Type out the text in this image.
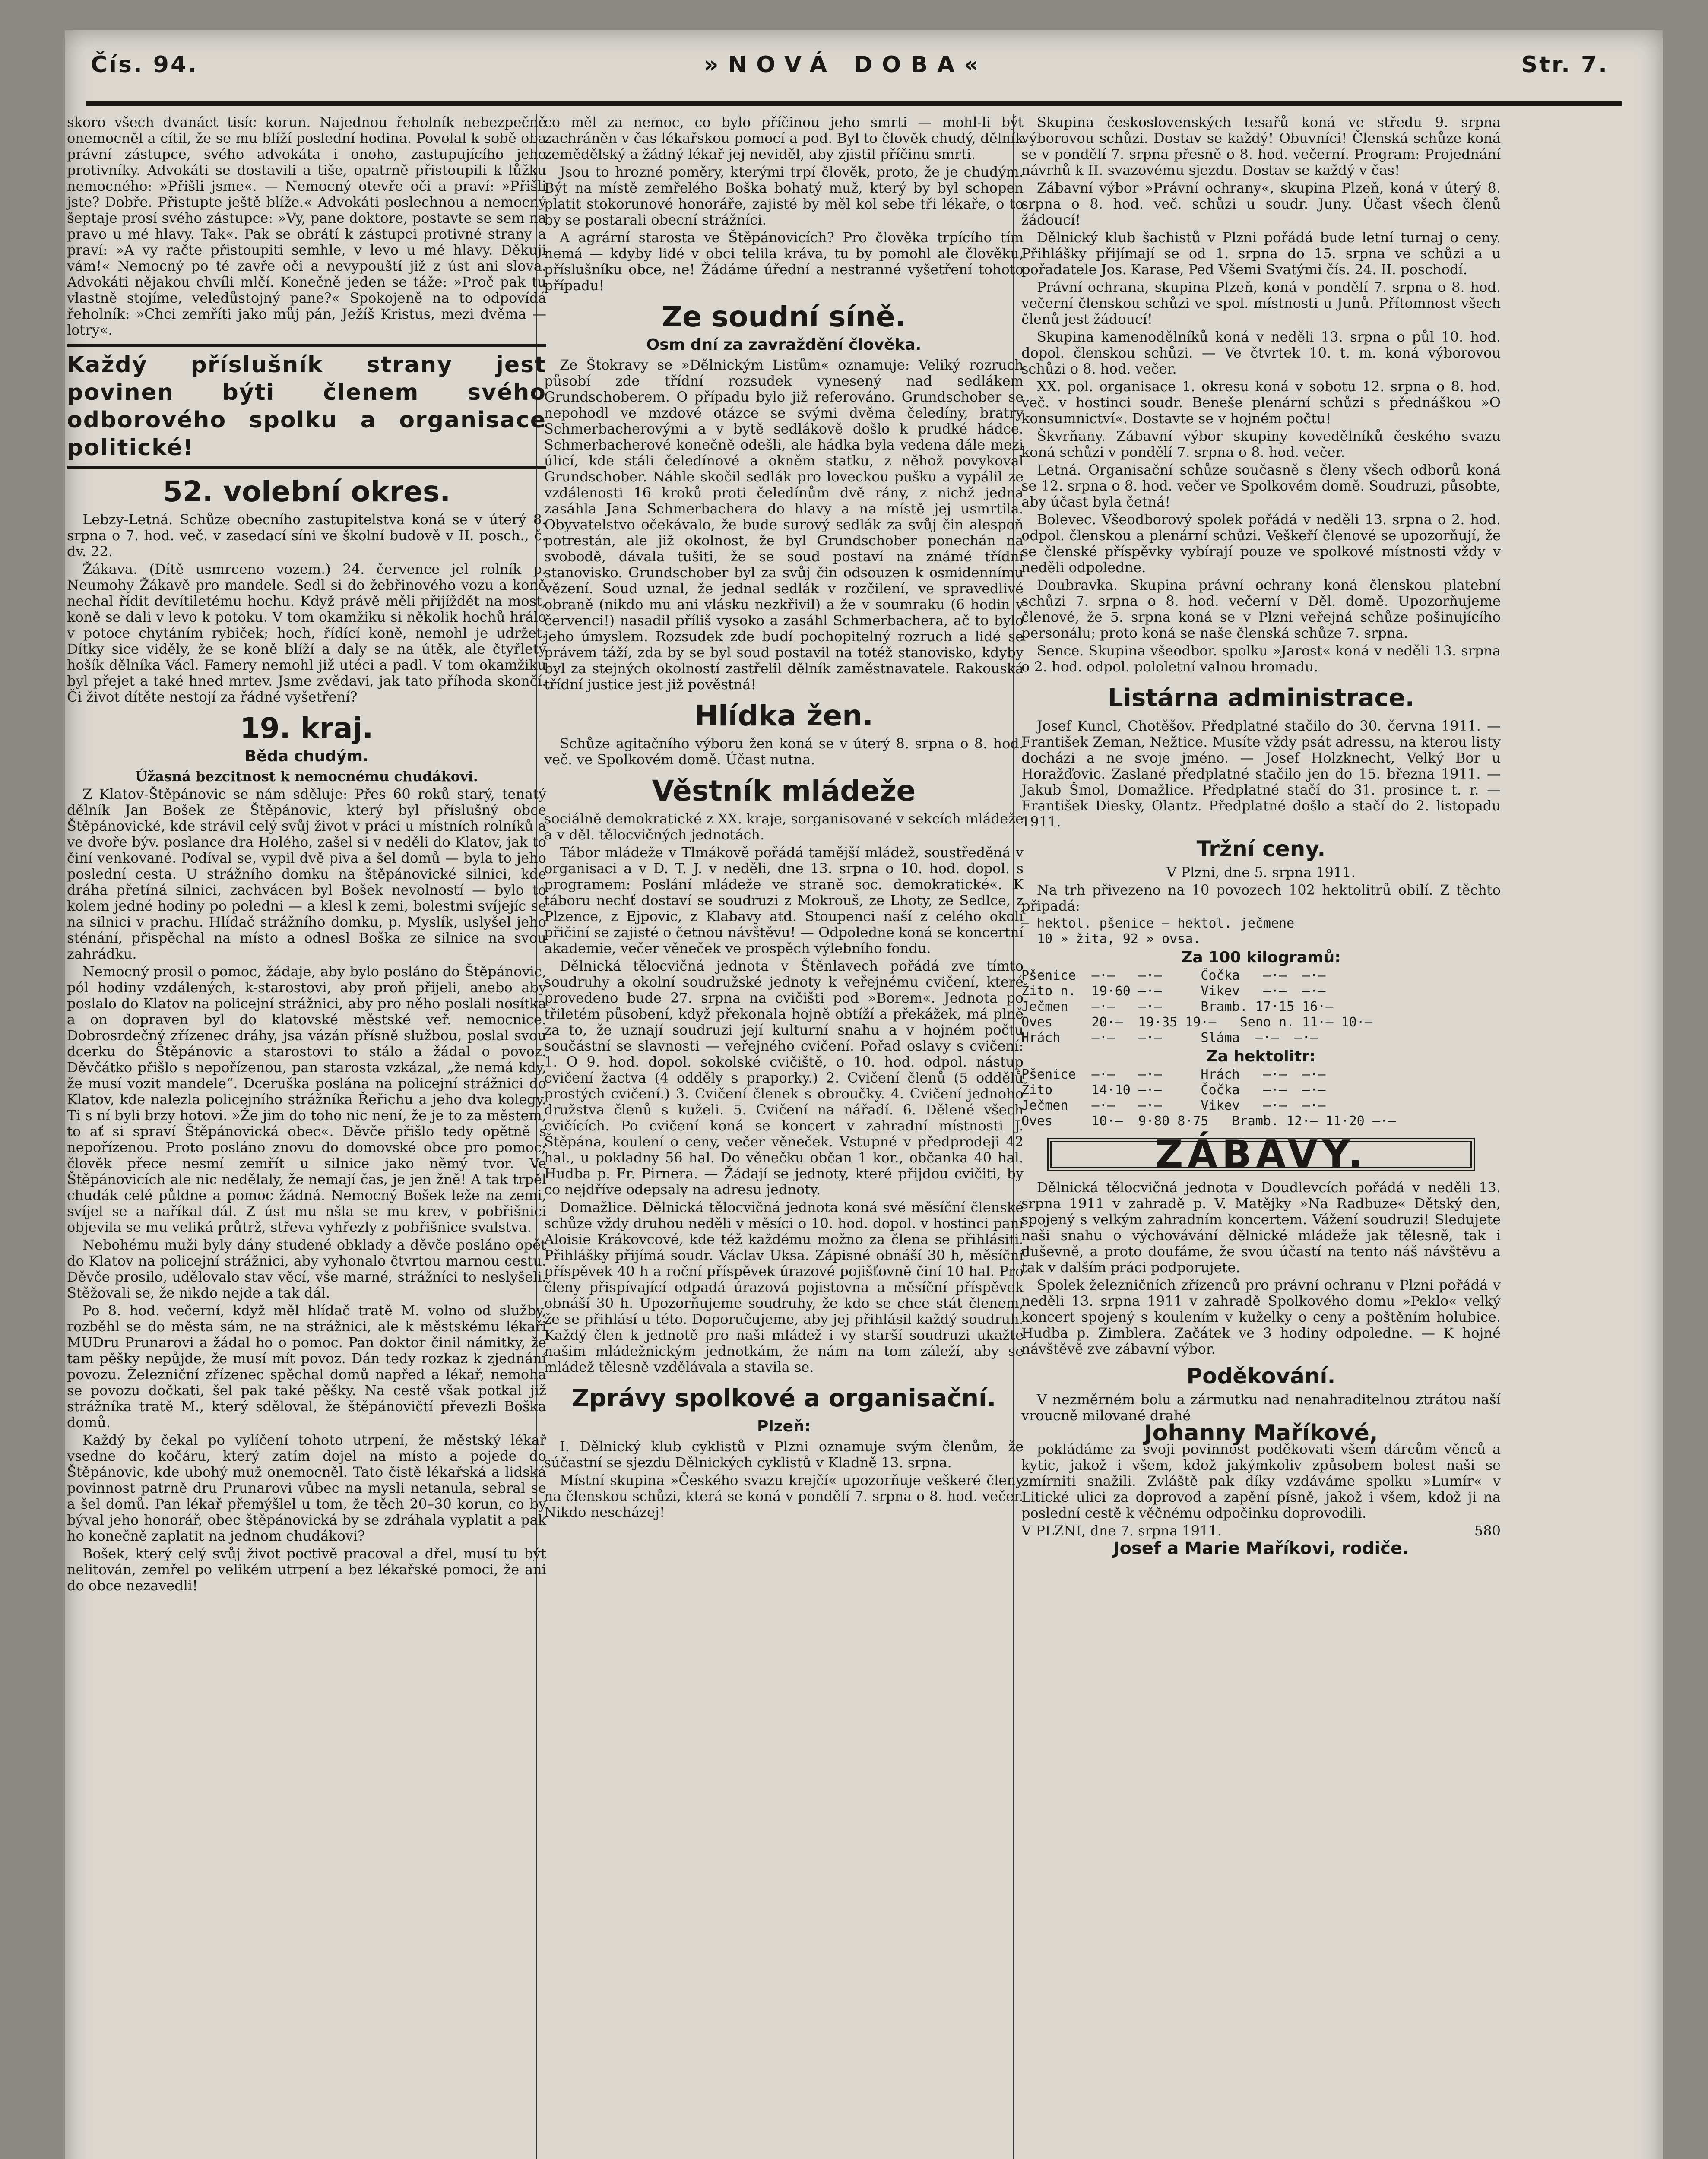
Čís. 94.	»NOVÁ DOBA«	Str. 7.

skoro všech dvanáct tisíc korun. Najednou řeholník nebezpečně onemocněl a cítil, že se mu blíží poslední hodina. Povolal k sobě oba právní zástupce, svého advokáta i onoho, zastupujícího jeho protivníky. Advokáti se dostavili a tiše, opatrně přistoupili k lůžku nemocného: »Přišli jsme«. — Nemocný otevře oči a praví: »Přišli jste? Dobře. Přistupte ještě blíže.« Advokáti poslechnou a nemocný šeptaje prosí svého zástupce: »Vy, pane doktore, postavte se sem na pravo u mé hlavy. Tak«. Pak se obrátí k zástupci protivné strany a praví: »A vy račte přistoupiti semhle, v levo u mé hlavy. Děkuji vám!« Nemocný po té zavře oči a nevypouští již z úst ani slova. Advokáti nějakou chvíli mlčí. Konečně jeden se táže: »Proč pak tu vlastně stojíme, veledůstojný pane?« Spokojeně na to odpovídá řeholník: »Chci zemříti jako můj pán, Ježíš Kristus, mezi dvěma — lotry«.

Každý příslušník strany jest povinen býti členem svého odborového spolku a organisace politické!
52. volební okres.

Lebzy-Letná. Schůze obecního zastupitelstva koná se v úterý 8. srpna o 7. hod. več. v zasedací síni ve školní budově v II. posch., č. dv. 22.

Žákava. (Dítě usmrceno vozem.) 24. července jel rolník p. Neumohy Žákavě pro mandele. Sedl si do žebřinového vozu a koně nechal řídit devítiletému hochu. Když právě měli přijíždět na most, koně se dali v levo k potoku. V tom okamžiku si několik hochů hrálo v potoce chytáním rybiček; hoch, řídící koně, nemohl je udržet. Dítky sice viděly, že se koně blíží a daly se na útěk, ale čtyřletý hošík dělníka Václ. Famery nemohl již utéci a padl. V tom okamžiku byl přejet a také hned mrtev. Jsme zvědavi, jak tato příhoda skončí. Či život dítěte nestojí za řádné vyšetření?

19. kraj.
Běda chudým.

Úžasná bezcitnost k nemocnému chudákovi.

Z Klatov-Štěpánovic se nám sděluje: Přes 60 roků starý, tenatý dělník Jan Bošek ze Štěpánovic, který byl příslušný obce Štěpánovické, kde strávil celý svůj život v práci u místních rolníků a ve dvoře býv. poslance dra Holého, zašel si v neděli do Klatov, jak to činí venkované. Podíval se, vypil dvě piva a šel domů — byla to jeho poslední cesta. U strážního domku na štěpánovické silnici, kde dráha přetíná silnici, zachvácen byl Bošek nevolností — bylo to kolem jedné hodiny po poledni — a klesl k zemi, bolestmi svíjejíc se na silnici v prachu. Hlídač strážního domku, p. Myslík, uslyšel jeho sténání, přispěchal na místo a odnesl Boška ze silnice na svou zahrádku.

Nemocný prosil o pomoc, žádaje, aby bylo posláno do Štěpánovic, pól hodiny vzdálených, k-starostovi, aby proň přijeli, anebo aby poslalo do Klatov na policejní strážnici, aby pro něho poslali nosítka a on dopraven byl do klatovské městské veř. nemocnice. Dobrosrdečný zřízenec dráhy, jsa vázán přísně službou, poslal svou dcerku do Štěpánovic a starostovi to stálo a žádal o povoz. Děvčátko přišlo s nepořízenou, pan starosta vzkázal, „že nemá kdy, že musí vozit mandele“. Dceruška poslána na policejní strážnici do Klatov, kde nalezla policejního strážníka Řeřichu a jeho dva kolegy. Ti s ní byli brzy hotovi. »Že jim do toho nic není, že je to za městem, to ať si spraví Štěpánovická obec«. Děvče přišlo tedy opětně s nepořízenou. Proto posláno znovu do domovské obce pro pomoc; člověk přece nesmí zemřít u silnice jako němý tvor. Ve Štěpánovicích ale nic nedělaly, že nemají čas, je jen žně! A tak trpěl chudák celé půldne a pomoc žádná. Nemocný Bošek leže na zemi, svíjel se a naříkal dál. Z úst mu nšla se mu krev, v pobřišnici objevila se mu veliká průtrž, střeva vyhřezly z pobřišnice svalstva.

Nebohému muži byly dány studené obklady a děvče posláno opět do Klatov na policejní strážnici, aby vyhonalo čtvrtou marnou cestu. Děvče prosilo, udělovalo stav věcí, vše marné, strážníci to neslyšeli. Stěžovali se, že nikdo nejde a tak dál.

Po 8. hod. večerní, když měl hlídač tratě M. volno od služby, rozběhl se do města sám, ne na strážnici, ale k městskému lékaři MUDru Prunarovi a žádal ho o pomoc. Pan doktor činil námitky, že tam pěšky nepůjde, že musí mít povoz. Dán tedy rozkaz k zjednání povozu. Železniční zřízenec spěchal domů napřed a lékař, nemoha se povozu dočkati, šel pak také pěšky. Na cestě však potkal již strážníka tratě M., který sděloval, že štěpánovičtí převezli Boška domů.

Každý by čekal po vylíčení tohoto utrpení, že městský lékař vsedne do kočáru, který zatím dojel na místo a pojede do Štěpánovic, kde ubohý muž onemocněl. Tato čistě lékařská a lidská povinnost patrně dru Prunarovi vůbec na mysli netanula, sebral se a šel domů. Pan lékař přemýšlel u tom, že těch 20–30 korun, co by býval jeho honorář, obec štěpánovická by se zdráhala vyplatit a pak ho konečně zaplatit na jednom chudákovi?

Bošek, který celý svůj život poctivě pracoval a dřel, musí tu být nelitován, zemřel po velikém utrpení a bez lékařské pomoci, že ani do obce nezavedli!

co měl za nemoc, co bylo příčinou jeho smrti — mohl-li být zachráněn v čas lékařskou pomocí a pod. Byl to člověk chudý, dělník zemědělský a žádný lékař jej neviděl, aby zjistil příčinu smrti.

Jsou to hrozné poměry, kterými trpí člověk, proto, že je chudým. Být na místě zemřelého Boška bohatý muž, který by byl schopen platit stokorunové honoráře, zajisté by měl kol sebe tři lékaře, o to by se postarali obecní strážníci.

A agrární starosta ve Štěpánovicích? Pro člověka trpícího tím nemá — kdyby lidé v obci telila kráva, tu by pomohl ale člověku, příslušníku obce, ne! Žádáme úřední a nestranné vyšetření tohoto případu!

Ze soudní síně.
Osm dní za zavraždění člověka.

Ze Štokravy se »Dělnickým Listům« oznamuje: Veliký rozruch působí zde třídní rozsudek vynesený nad sedlákem Grundschoberem. O případu bylo již referováno. Grundschober se nepohodl ve mzdové otázce se svými dvěma čeledíny, bratry Schmerbacherovými a v bytě sedlákově došlo k prudké hádce. Schmerbacherové konečně odešli, ale hádka byla vedena dále mezi úlicí, kde stáli čeledínové a okněm statku, z něhož povykoval Grundschober. Náhle skočil sedlák pro loveckou pušku a vypálil ze vzdálenosti 16 kroků proti čeledínům dvě rány, z nichž jedna zasáhla Jana Schmerbachera do hlavy a na místě jej usmrtila. Obyvatelstvo očekávalo, že bude surový sedlák za svůj čin alespoň potrestán, ale již okolnost, že byl Grundschober ponechán na svobodě, dávala tušiti, že se soud postaví na známé třídní stanovisko. Grundschober byl za svůj čin odsouzen k osmidennímu vězení. Soud uznal, že jednal sedlák v rozčilení, ve spravedlivé obraně (nikdo mu ani vlásku nezkřivil) a že v soumraku (6 hodin v červenci!) nasadil příliš vysoko a zasáhl Schmerbachera, ač to bylo jeho úmyslem. Rozsudek zde budí pochopitelný rozruch a lidé se právem táží, zda by se byl soud postavil na totéž stanovisko, kdyby byl za stejných okolností zastřelil dělník zaměstnavatele. Rakouská třídní justice jest již pověstná!

Hlídka žen.

Schůze agitačního výboru žen koná se v úterý 8. srpna o 8. hod. več. ve Spolkovém domě. Účast nutna.

Věstník mládeže

sociálně demokratické z XX. kraje, sorganisované v sekcích mládeže a v děl. tělocvičných jednotách.

Tábor mládeže v Tlmákově pořádá tamější mládež, soustředěná v organisaci a v D. T. J. v neděli, dne 13. srpna o 10. hod. dopol. s programem: Poslání mládeže ve straně soc. demokratické«. K táboru nechť dostaví se soudruzi z Mokrouš, ze Lhoty, ze Sedlce, z Plzence, z Ejpovic, z Klabavy atd. Stoupenci naší z celého okolí přičiní se zajisté o četnou návštěvu! — Odpoledne koná se koncertní akademie, večer věneček ve prospěch výlebního fondu.

Dělnická tělocvičná jednota v Štěnlavech pořádá zve tímto soudruhy a okolní soudružské jednoty k veřejnému cvičení, které provedeno bude 27. srpna na cvičišti pod »Borem«. Jednota po třiletém působení, když překonala hojně obtíží a překážek, má plně za to, že uznají soudruzi její kulturní snahu a v hojném počtu součástní se slavnosti — veřejného cvičení. Pořad oslavy s cvičení: 1. O 9. hod. dopol. sokolské cvičiště, o 10. hod. odpol. nástup cvičení žactva (4 odděly s praporky.) 2. Cvičení členů (5 oddělů prostých cvičení.) 3. Cvičení členek s obroučky. 4. Cvičení jednoho družstva členů s kuželi. 5. Cvičení na nářadí. 6. Dělené všech cvičících. Po cvičení koná se koncert v zahradní místnosti J. Štěpána, koulení o ceny, večer věneček. Vstupné v předprodeji 42 hal., u pokladny 56 hal. Do věnečku občan 1 kor., občanka 40 hal. Hudba p. Fr. Pirnera. — Žádají se jednoty, které přijdou cvičiti, by co nejdříve odepsaly na adresu jednoty.

Domažlice. Dělnická tělocvičná jednota koná své měsíční členské schůze vždy druhou neděli v měsíci o 10. hod. dopol. v hostinci paní Aloisie Krákovcové, kde též každému možno za člena se přihlásiti. Přihlášky přijímá soudr. Václav Uksa. Zápisné obnáší 30 h, měsíční příspěvek 40 h a roční příspěvek úrazové pojišťovně činí 10 hal. Pro členy přispívající odpadá úrazová pojistovna a měsíční příspěvek obnáší 30 h. Upozorňujeme soudruhy, že kdo se chce stát členem, že se přihlásí u této. Doporučujeme, aby jej přihlásil každý soudruh. Každý člen k jednotě pro naši mládež i vy starší soudruzi ukažte našim mládežnickým jednotkám, že nám na tom záleží, aby se mládež tělesně vzdělávala a stavila se.

Zprávy spolkové a organisační.
Plzeň:

I. Dělnický klub cyklistů v Plzni oznamuje svým členům, že súčastní se sjezdu Dělnických cyklistů v Kladně 13. srpna.

Místní skupina »Českého svazu krejčí« upozorňuje veškeré členy na členskou schůzi, která se koná v pondělí 7. srpna o 8. hod. večer. Nikdo nescházej!

Skupina československých tesařů koná ve středu 9. srpna výborovou schůzi. Dostav se každý! Obuvníci! Členská schůze koná se v pondělí 7. srpna přesně o 8. hod. večerní. Program: Projednání návrhů k II. svazovému sjezdu. Dostav se každý v čas!

Zábavní výbor »Právní ochrany«, skupina Plzeň, koná v úterý 8. srpna o 8. hod. več. schůzi u soudr. Juny. Účast všech členů žádoucí!

Dělnický klub šachistů v Plzni pořádá bude letní turnaj o ceny. Přihlášky přijímají se od 1. srpna do 15. srpna ve schůzi a u pořadatele Jos. Karase, Ped Všemi Svatými čís. 24. II. poschodí.

Právní ochrana, skupina Plzeň, koná v pondělí 7. srpna o 8. hod. večerní členskou schůzi ve spol. místnosti u Junů. Přítomnost všech členů jest žádoucí!

Skupina kamenodělníků koná v neděli 13. srpna o půl 10. hod. dopol. členskou schůzi. — Ve čtvrtek 10. t. m. koná výborovou schůzi o 8. hod. večer.

XX. pol. organisace 1. okresu koná v sobotu 12. srpna o 8. hod. več. v hostinci soudr. Beneše plenární schůzi s přednáškou »O konsumnictví«. Dostavte se v hojném počtu!

Škvrňany. Zábavní výbor skupiny kovedělníků českého svazu koná schůzi v pondělí 7. srpna o 8. hod. večer.

Letná. Organisační schůze současně s členy všech odborů koná se 12. srpna o 8. hod. večer ve Spolkovém domě. Soudruzi, působte, aby účast byla četná!

Bolevec. Všeodborový spolek pořádá v neděli 13. srpna o 2. hod. odpol. členskou a plenární schůzi. Veškeří členové se upozorňují, že se členské příspěvky vybírají pouze ve spolkové místnosti vždy v neděli odpoledne.

Doubravka. Skupina právní ochrany koná členskou platební schůzi 7. srpna o 8. hod. večerní v Děl. domě. Upozorňujeme členové, že 5. srpna koná se v Plzni veřejná schůze pošinujícího personálu; proto koná se naše členská schůze 7. srpna.

Sence. Skupina všeodbor. spolku »Jarost« koná v neděli 13. srpna o 2. hod. odpol. pololetní valnou hromadu.

Listárna administrace.

Josef Kuncl, Chotěšov. Předplatné stačilo do 30. června 1911. — František Zeman, Nežtice. Musíte vždy psát adressu, na kterou listy docházi a ne svoje jméno. — Josef Holzknecht, Velký Bor u Horažďovic. Zaslané předplatné stačilo jen do 15. března 1911. — Jakub Šmol, Domažlice. Předplatné stačí do 31. prosince t. r. — František Diesky, Olantz. Předplatné došlo a stačí do 2. listopadu 1911.

Tržní ceny.

V Plzni, dne 5. srpna 1911.

Na trh přivezeno na 10 povozech 102 hektolitrů obilí. Z těchto připadá:

— hektol. pšenice — hektol. ječmene
10 » žita, 92 » ovsa.
Za 100 kilogramů:
Pšenice  —·—   —·—     Čočka   —·—  —·—
Žito n.  19·60 —·—     Vikev   —·—  —·—
Ječmen   —·—   —·—     Bramb. 17·15 16·—
Oves     20·—  19·35 19·—   Seno n. 11·— 10·—
Hrách    —·—   —·—     Sláma  —·—  —·—
Za hektolitr:
Pšenice  —·—   —·—     Hrách   —·—  —·—
Žito     14·10 —·—     Čočka   —·—  —·—
Ječmen   —·—   —·—     Vikev   —·—  —·—
Oves     10·—  9·80 8·75   Bramb. 12·— 11·20 —·—
ZÁBAVY.

Dělnická tělocvičná jednota v Doudlevcích pořádá v neděli 13. srpna 1911 v zahradě p. V. Matějky »Na Radbuze« Dětský den, spojený s velkým zahradním koncertem. Vážení soudruzi! Sledujete naši snahu o výchovávání dělnické mládeže jak tělesně, tak i duševně, a proto doufáme, že svou účastí na tento náš návštěvu a tak v dalším práci podporujete.

Spolek železničních zřízenců pro právní ochranu v Plzni pořádá v neděli 13. srpna 1911 v zahradě Spolkového domu »Peklo« velký koncert spojený s koulením v kuželky o ceny a poštěním holubice. Hudba p. Zimblera. Začátek ve 3 hodiny odpoledne. — K hojné návštěvě zve zábavní výbor.

Poděkování.

V nezměrném bolu a zármutku nad nenahraditelnou ztrátou naší vroucně milované drahé

Johanny Maříkové,

pokládáme za svoji povinnost poděkovati všem dárcům věnců a kytic, jakož i všem, kdož jakýmkoliv způsobem bolest naši se zmírniti snažili. Zvláště pak díky vzdáváme spolku »Lumír« v Litické ulici za doprovod a zapění písně, jakož i všem, kdož ji na poslední cestě k věčnému odpočinku doprovodili.

V PLZNI, dne 7. srpna 1911.	580

Josef a Marie Maříkovi, rodiče.
